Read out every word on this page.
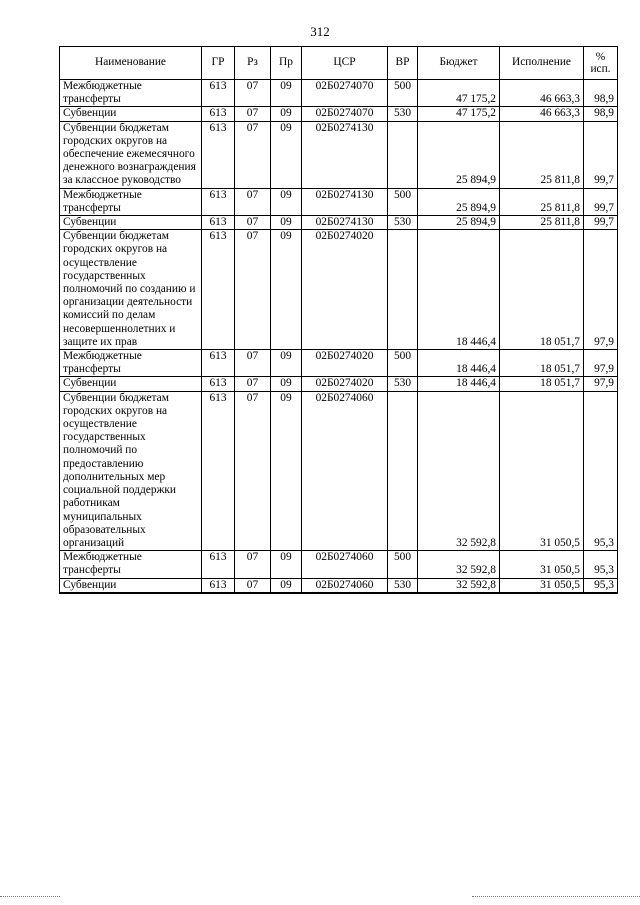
312
Наименование	ГР	Рз	Пр	ЦСР	ВР	Бюджет	Исполнение	%
исп.
Межбюджетные трансферты	613	07	09	02Б0274070	500	47 175,2	46 663,3	98,9
Субвенции	613	07	09	02Б0274070	530	47 175,2	46 663,3	98,9
Субвенции бюджетам городских округов на обеспечение ежемесячного денежного вознаграждения за классное руководство	613	07	09	02Б0274130		25 894,9	25 811,8	99,7
Межбюджетные трансферты	613	07	09	02Б0274130	500	25 894,9	25 811,8	99,7
Субвенции	613	07	09	02Б0274130	530	25 894,9	25 811,8	99,7
Субвенции бюджетам городских округов на осуществление государственных полномочий по созданию и организации деятельности комиссий по делам несовершеннолетних и защите их прав	613	07	09	02Б0274020		18 446,4	18 051,7	97,9
Межбюджетные трансферты	613	07	09	02Б0274020	500	18 446,4	18 051,7	97,9
Субвенции	613	07	09	02Б0274020	530	18 446,4	18 051,7	97,9
Субвенции бюджетам городских округов на осуществление государственных полномочий по предоставлению дополнительных мер социальной поддержки работникам муниципальных образовательных организаций	613	07	09	02Б0274060		32 592,8	31 050,5	95,3
Межбюджетные трансферты	613	07	09	02Б0274060	500	32 592,8	31 050,5	95,3
Субвенции	613	07	09	02Б0274060	530	32 592,8	31 050,5	95,3
